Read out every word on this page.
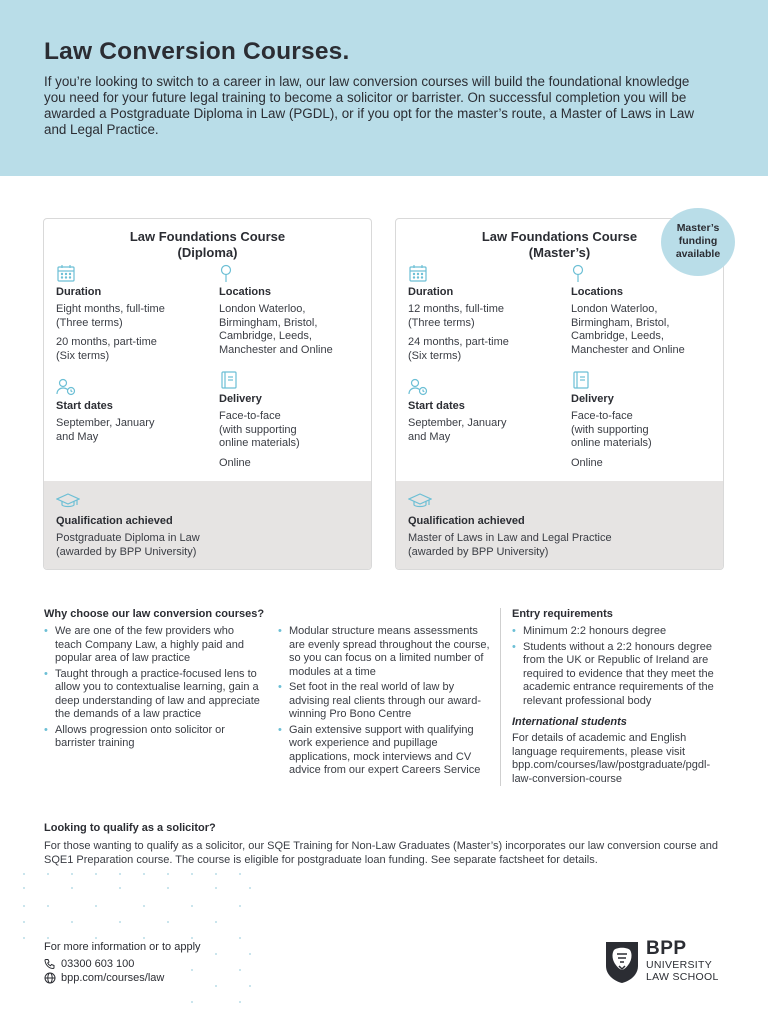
Law Conversion Courses.

If you’re looking to switch to a career in law, our law conversion courses will build the foundational knowledge you need for your future legal training to become a solicitor or barrister. On successful completion you will be awarded a Postgraduate Diploma in Law (PGDL), or if you opt for the master’s route, a Master of Laws in Law and Legal Practice.

Law Foundations Course
(Diploma)
Duration
Eight months, full-time
(Three terms)
20 months, part-time
(Six terms)
Locations
London Waterloo,
Birmingham, Bristol,
Cambridge, Leeds,
Manchester and Online
Start dates
September, January
and May
Delivery
Face-to-face
(with supporting
online materials)
Online
Qualification achieved
Postgraduate Diploma in Law
(awarded by BPP University)
Law Foundations Course
(Master’s)
Duration
12 months, full-time
(Three terms)
24 months, part-time
(Six terms)
Locations
London Waterloo,
Birmingham, Bristol,
Cambridge, Leeds,
Manchester and Online
Start dates
September, January
and May
Delivery
Face-to-face
(with supporting
online materials)
Online
Qualification achieved
Master of Laws in Law and Legal Practice
(awarded by BPP University)
Master’s
funding
available
Why choose our law conversion courses?
• We are one of the few providers who teach Company Law, a highly paid and popular area of law practice
• Taught through a practice-focused lens to allow you to contextualise learning, gain a deep understanding of law and appreciate the demands of a law practice
• Allows progression onto solicitor or barrister training
• Modular structure means assessments are evenly spread throughout the course, so you can focus on a limited number of modules at a time
• Set foot in the real world of law by advising real clients through our award-winning Pro Bono Centre
• Gain extensive support with qualifying work experience and pupillage applications, mock interviews and CV advice from our expert Careers Service
Entry requirements
• Minimum 2:2 honours degree
• Students without a 2:2 honours degree from the UK or Republic of Ireland are required to evidence that they meet the academic entrance requirements of the relevant professional body
International students
For details of academic and English language requirements, please visit bpp.com/courses/law/postgraduate/pgdl-law-conversion-course
Looking to qualify as a solicitor?
For those wanting to qualify as a solicitor, our SQE Training for Non-Law Graduates (Master’s) incorporates our law conversion course and SQE1 Preparation course. The course is eligible for postgraduate loan funding. See separate factsheet for details.
For more information or to apply
03300 603 100
bpp.com/courses/law
BPP
UNIVERSITY
LAW SCHOOL
